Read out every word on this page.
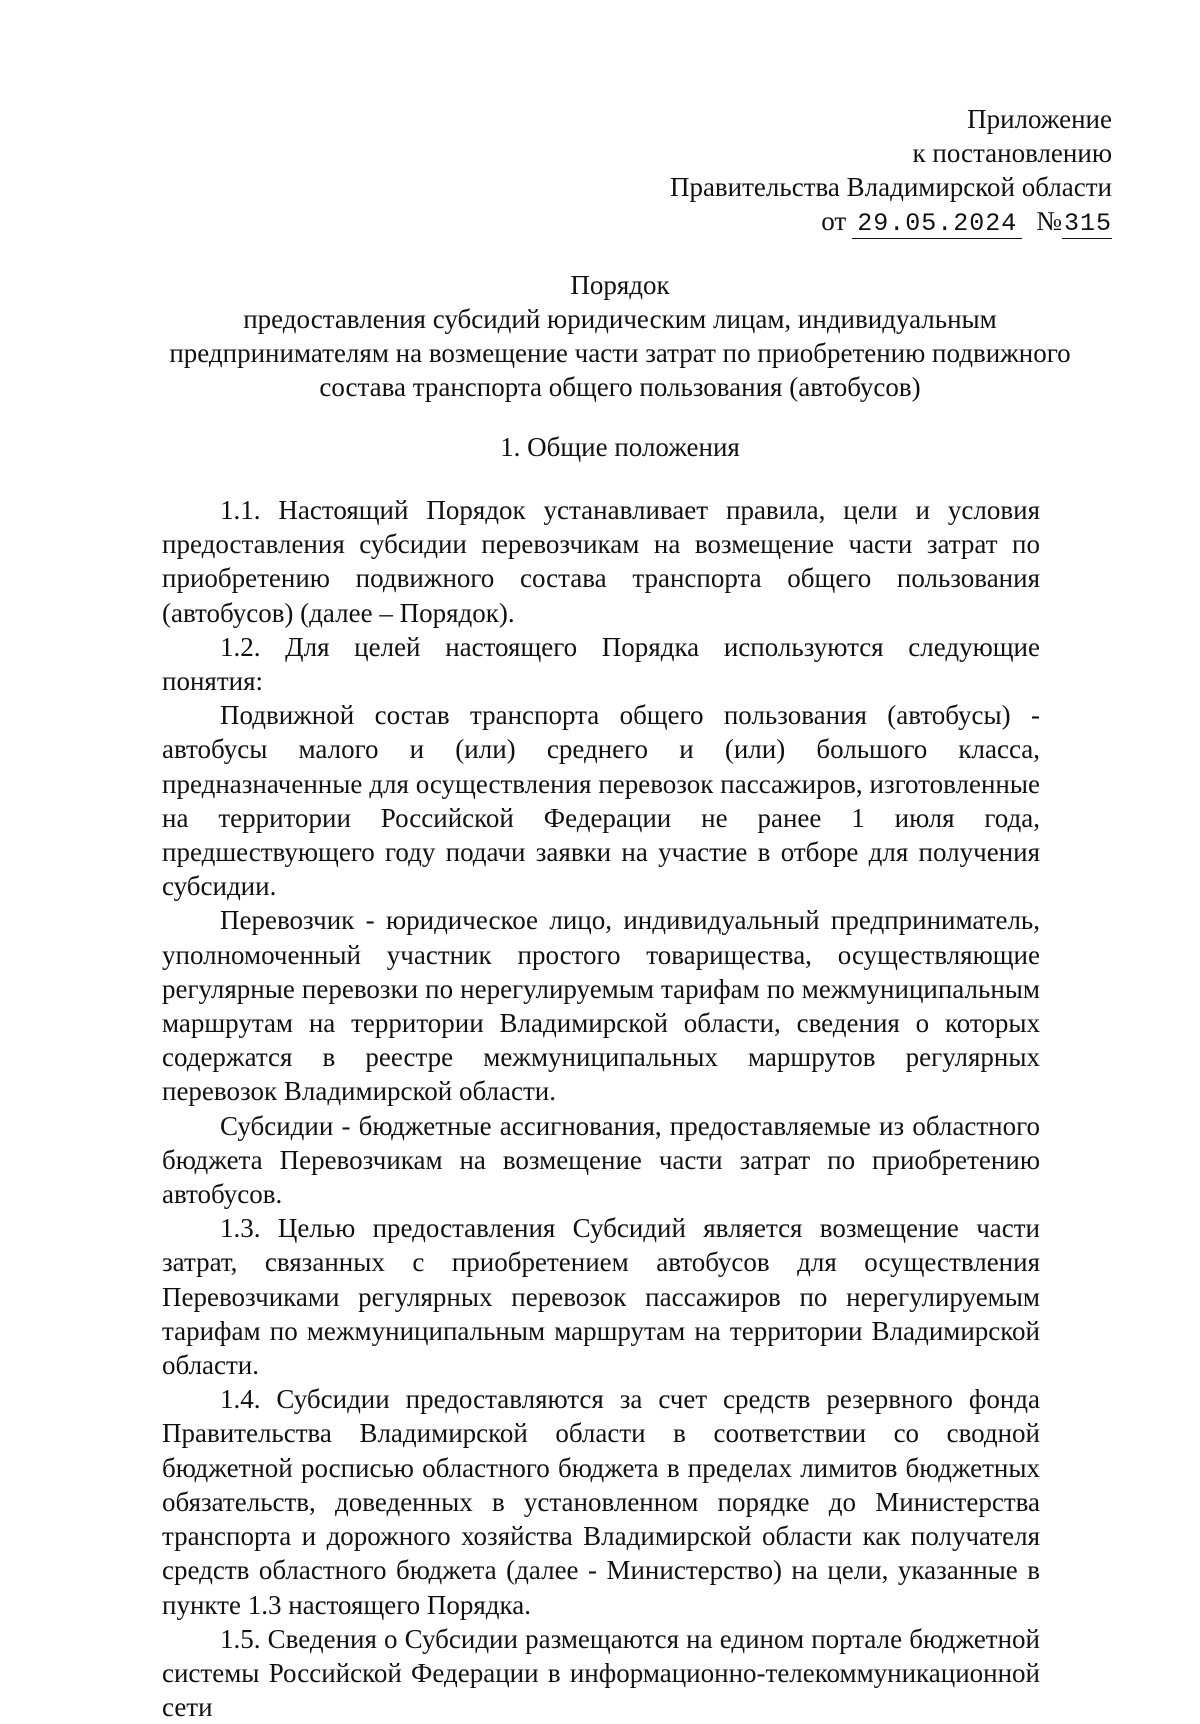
Приложение
к постановлению
Правительства Владимирской области
от 29.05.2024 № 315
Порядок
предоставления субсидий юридическим лицам, индивидуальным
предпринимателям на возмещение части затрат по приобретению подвижного
состава транспорта общего пользования (автобусов)
1. Общие положения

1.1. Настоящий Порядок устанавливает правила, цели и условия предоставления субсидии перевозчикам на возмещение части затрат по приобретению подвижного состава транспорта общего пользования (автобусов) (далее – Порядок).

1.2. Для целей настоящего Порядка используются следующие понятия:

Подвижной состав транспорта общего пользования (автобусы) - автобусы малого и (или) среднего и (или) большого класса, предназначенные для осуществления перевозок пассажиров, изготовленные на территории Российской Федерации не ранее 1 июля года, предшествующего году подачи заявки на участие в отборе для получения субсидии.

Перевозчик - юридическое лицо, индивидуальный предприниматель, уполномоченный участник простого товарищества, осуществляющие регулярные перевозки по нерегулируемым тарифам по межмуниципальным маршрутам на территории Владимирской области, сведения о которых содержатся в реестре межмуниципальных маршрутов регулярных перевозок Владимирской области.

Субсидии - бюджетные ассигнования, предоставляемые из областного бюджета Перевозчикам на возмещение части затрат по приобретению автобусов.

1.3. Целью предоставления Субсидий является возмещение части затрат, связанных с приобретением автобусов для осуществления Перевозчиками регулярных перевозок пассажиров по нерегулируемым тарифам по межмуниципальным маршрутам на территории Владимирской области.

1.4. Субсидии предоставляются за счет средств резервного фонда Правительства Владимирской области в соответствии со сводной бюджетной росписью областного бюджета в пределах лимитов бюджетных обязательств, доведенных в установленном порядке до Министерства транспорта и дорожного хозяйства Владимирской области как получателя средств областного бюджета (далее - Министерство) на цели, указанные в пункте 1.3 настоящего Порядка.

1.5. Сведения о Субсидии размещаются на едином портале бюджетной системы Российской Федерации в информационно-телекоммуникационной сети
